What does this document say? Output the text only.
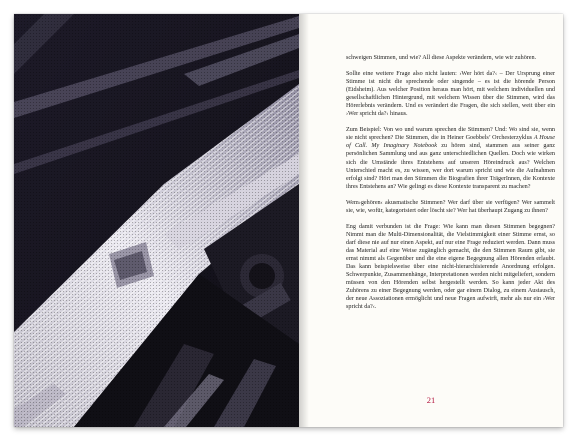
schweigen Stimmen, und wie? All diese Aspekte verändern, wie wir zuhören.

Sollte eine weitere Frage also nicht lauten: ›Wer hört da?‹ – Der Ursprung einer Stimme ist nicht die sprechende oder singende – es ist die hörende Person (Eidsheim). Aus welcher Position heraus man hört, mit welchem individuellen und gesellschaftlichen Hintergrund, mit welchem Wissen über die Stimmen, wird das Hörerlebnis verändern. Und es verändert die Fragen, die sich stellen, weit über ein ›Wer spricht da?‹ hinaus.

Zum Beispiel: Von wo und warum sprechen die Stimmen? Und: Wo sind sie, wenn sie nicht sprechen? Die Stimmen, die in Heiner Goebbels’ Orchesterzyklus A House of Call. My Imaginary Notebook zu hören sind, stammen aus seiner ganz persönlichen Sammlung und aus ganz unterschiedlichen Quellen. Doch wie wirken sich die Umstände ihres Entstehens auf unseren Höreindruck aus? Welchen Unterschied macht es, zu wissen, wer dort warum spricht und wie die Aufnahmen erfolgt sind? Hört man den Stimmen die Biografien ihrer TrägerInnen, die Kontexte ihres Entstehens an? Wie gelingt es diese Kontexte transparent zu machen?

Wem›gehören‹ akusmatische Stimmen? Wer darf über sie verfügen? Wer sammelt sie, wie, wofür, kategorisiert oder löscht sie? Wer hat überhaupt Zugang zu ihnen?

Eng damit verbunden ist die Frage: Wie kann man diesen Stimmen begegnen? Nimmt man die Multi-Dimensionalität, die Vielstimmigkeit einer Stimme ernst, so darf diese nie auf nur einen Aspekt, auf nur eine Frage reduziert werden. Dann muss das Material auf eine Weise zugänglich gemacht, die den Stimmen Raum gibt, sie ernst nimmt als Gegenüber und die eine eigene Begegnung allen Hörenden erlaubt. Das kann beispielsweise über eine nicht-hierarchisierende Anordnung erfolgen. Schwerpunkte, Zusammenhänge, Interpretationen werden nicht mitgeliefert, sondern müssen von den Hörenden selbst hergestellt werden. So kann jeder Akt des Zuhörens zu einer Begegnung werden, oder gar einem Dialog, zu einem Austausch, der neue Assoziationen ermöglicht und neue Fragen aufwirft, mehr als nur ein ›Wer spricht da?‹.

21
